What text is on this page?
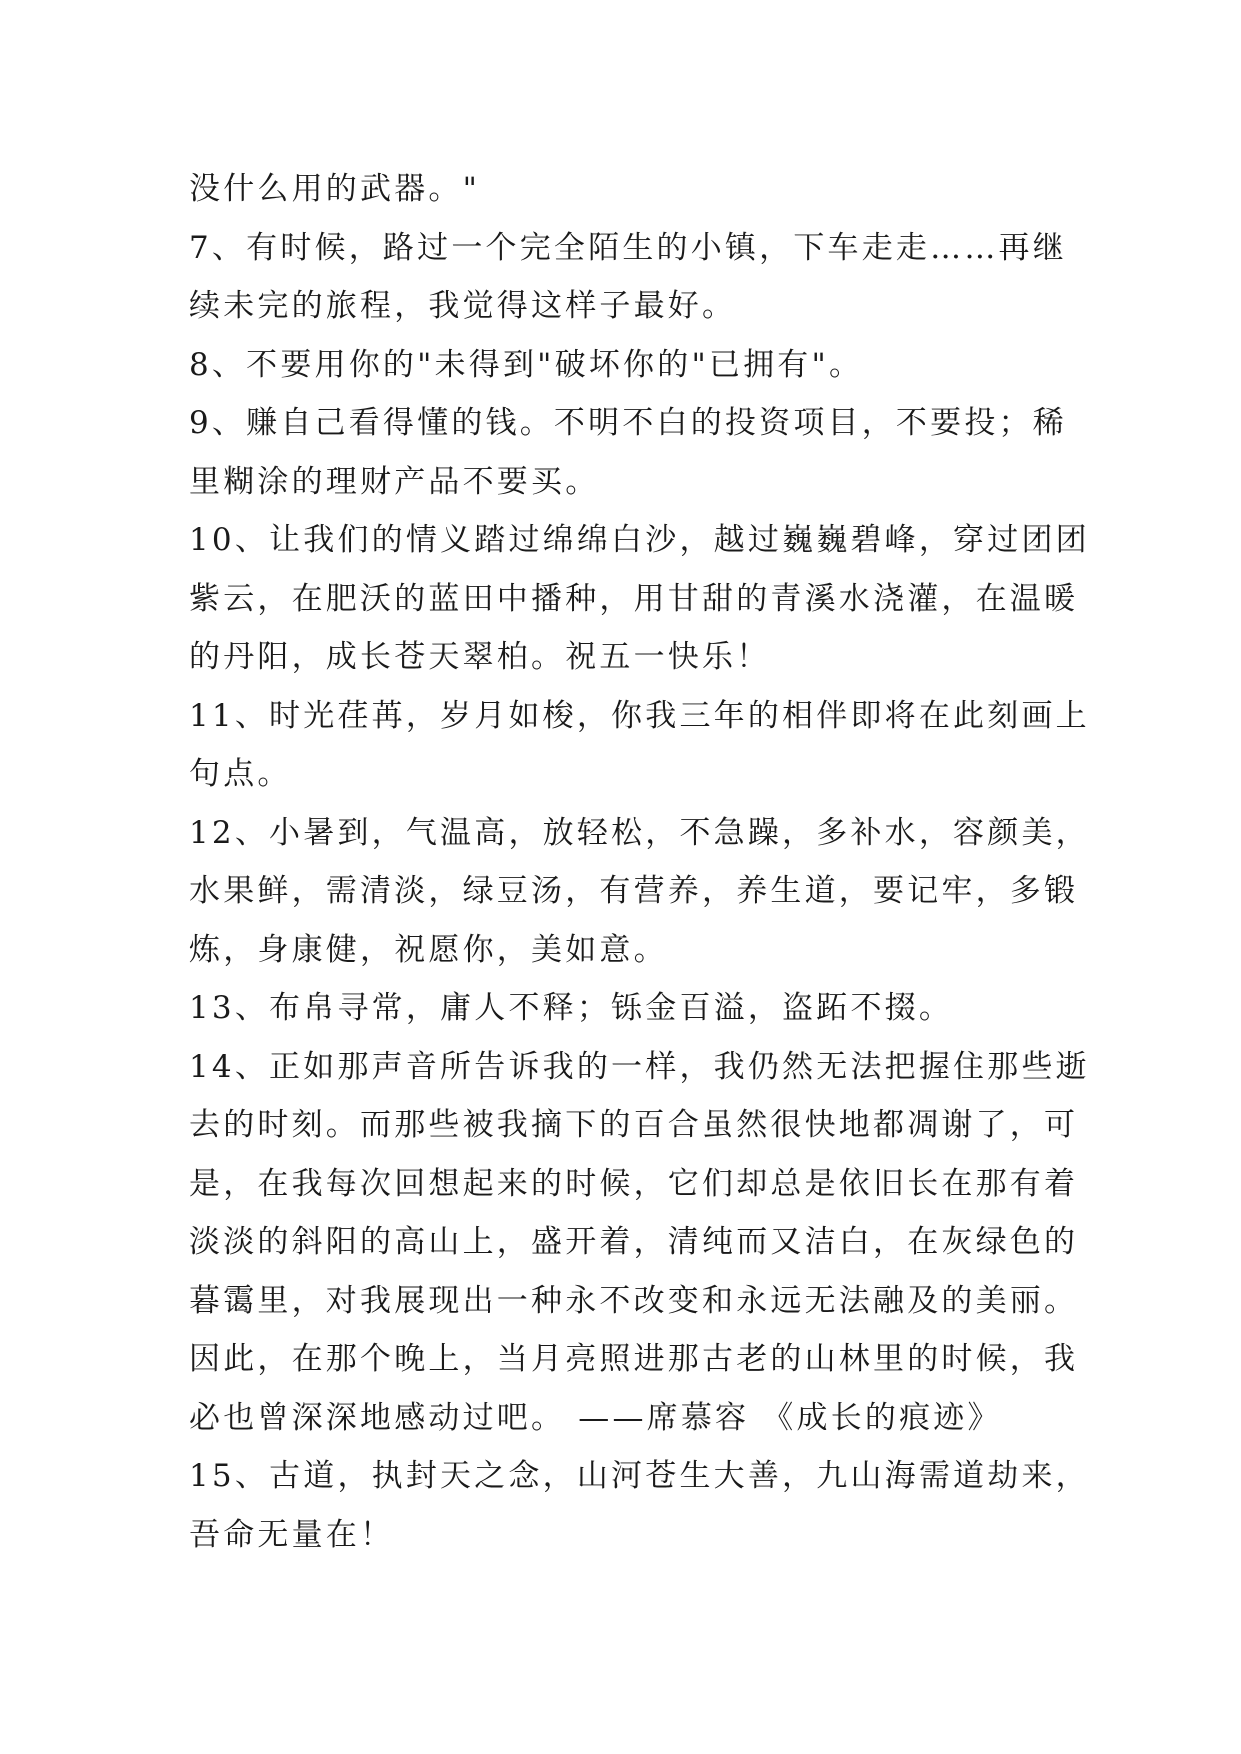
没什么用的武器。"
7、有时候，路过一个完全陌生的小镇，下车走走……再继
续未完的旅程，我觉得这样子最好。
8、不要用你的"未得到"破坏你的"已拥有"。
9、赚自己看得懂的钱。不明不白的投资项目，不要投；稀
里糊涂的理财产品不要买。
10、让我们的情义踏过绵绵白沙，越过巍巍碧峰，穿过团团
紫云，在肥沃的蓝田中播种，用甘甜的青溪水浇灌，在温暖
的丹阳，成长苍天翠柏。祝五一快乐！
11、时光荏苒，岁月如梭，你我三年的相伴即将在此刻画上
句点。
12、小暑到，气温高，放轻松，不急躁，多补水，容颜美，
水果鲜，需清淡，绿豆汤，有营养，养生道，要记牢，多锻
炼，身康健，祝愿你，美如意。
13、布帛寻常，庸人不释；铄金百溢，盗跖不掇。
14、正如那声音所告诉我的一样，我仍然无法把握住那些逝
去的时刻。而那些被我摘下的百合虽然很快地都凋谢了，可
是，在我每次回想起来的时候，它们却总是依旧长在那有着
淡淡的斜阳的高山上，盛开着，清纯而又洁白，在灰绿色的
暮霭里，对我展现出一种永不改变和永远无法融及的美丽。
因此，在那个晚上，当月亮照进那古老的山林里的时候，我
必也曾深深地感动过吧。 ——席慕容 《成长的痕迹》
15、古道，执封天之念，山河苍生大善，九山海需道劫来，
吾命无量在！
